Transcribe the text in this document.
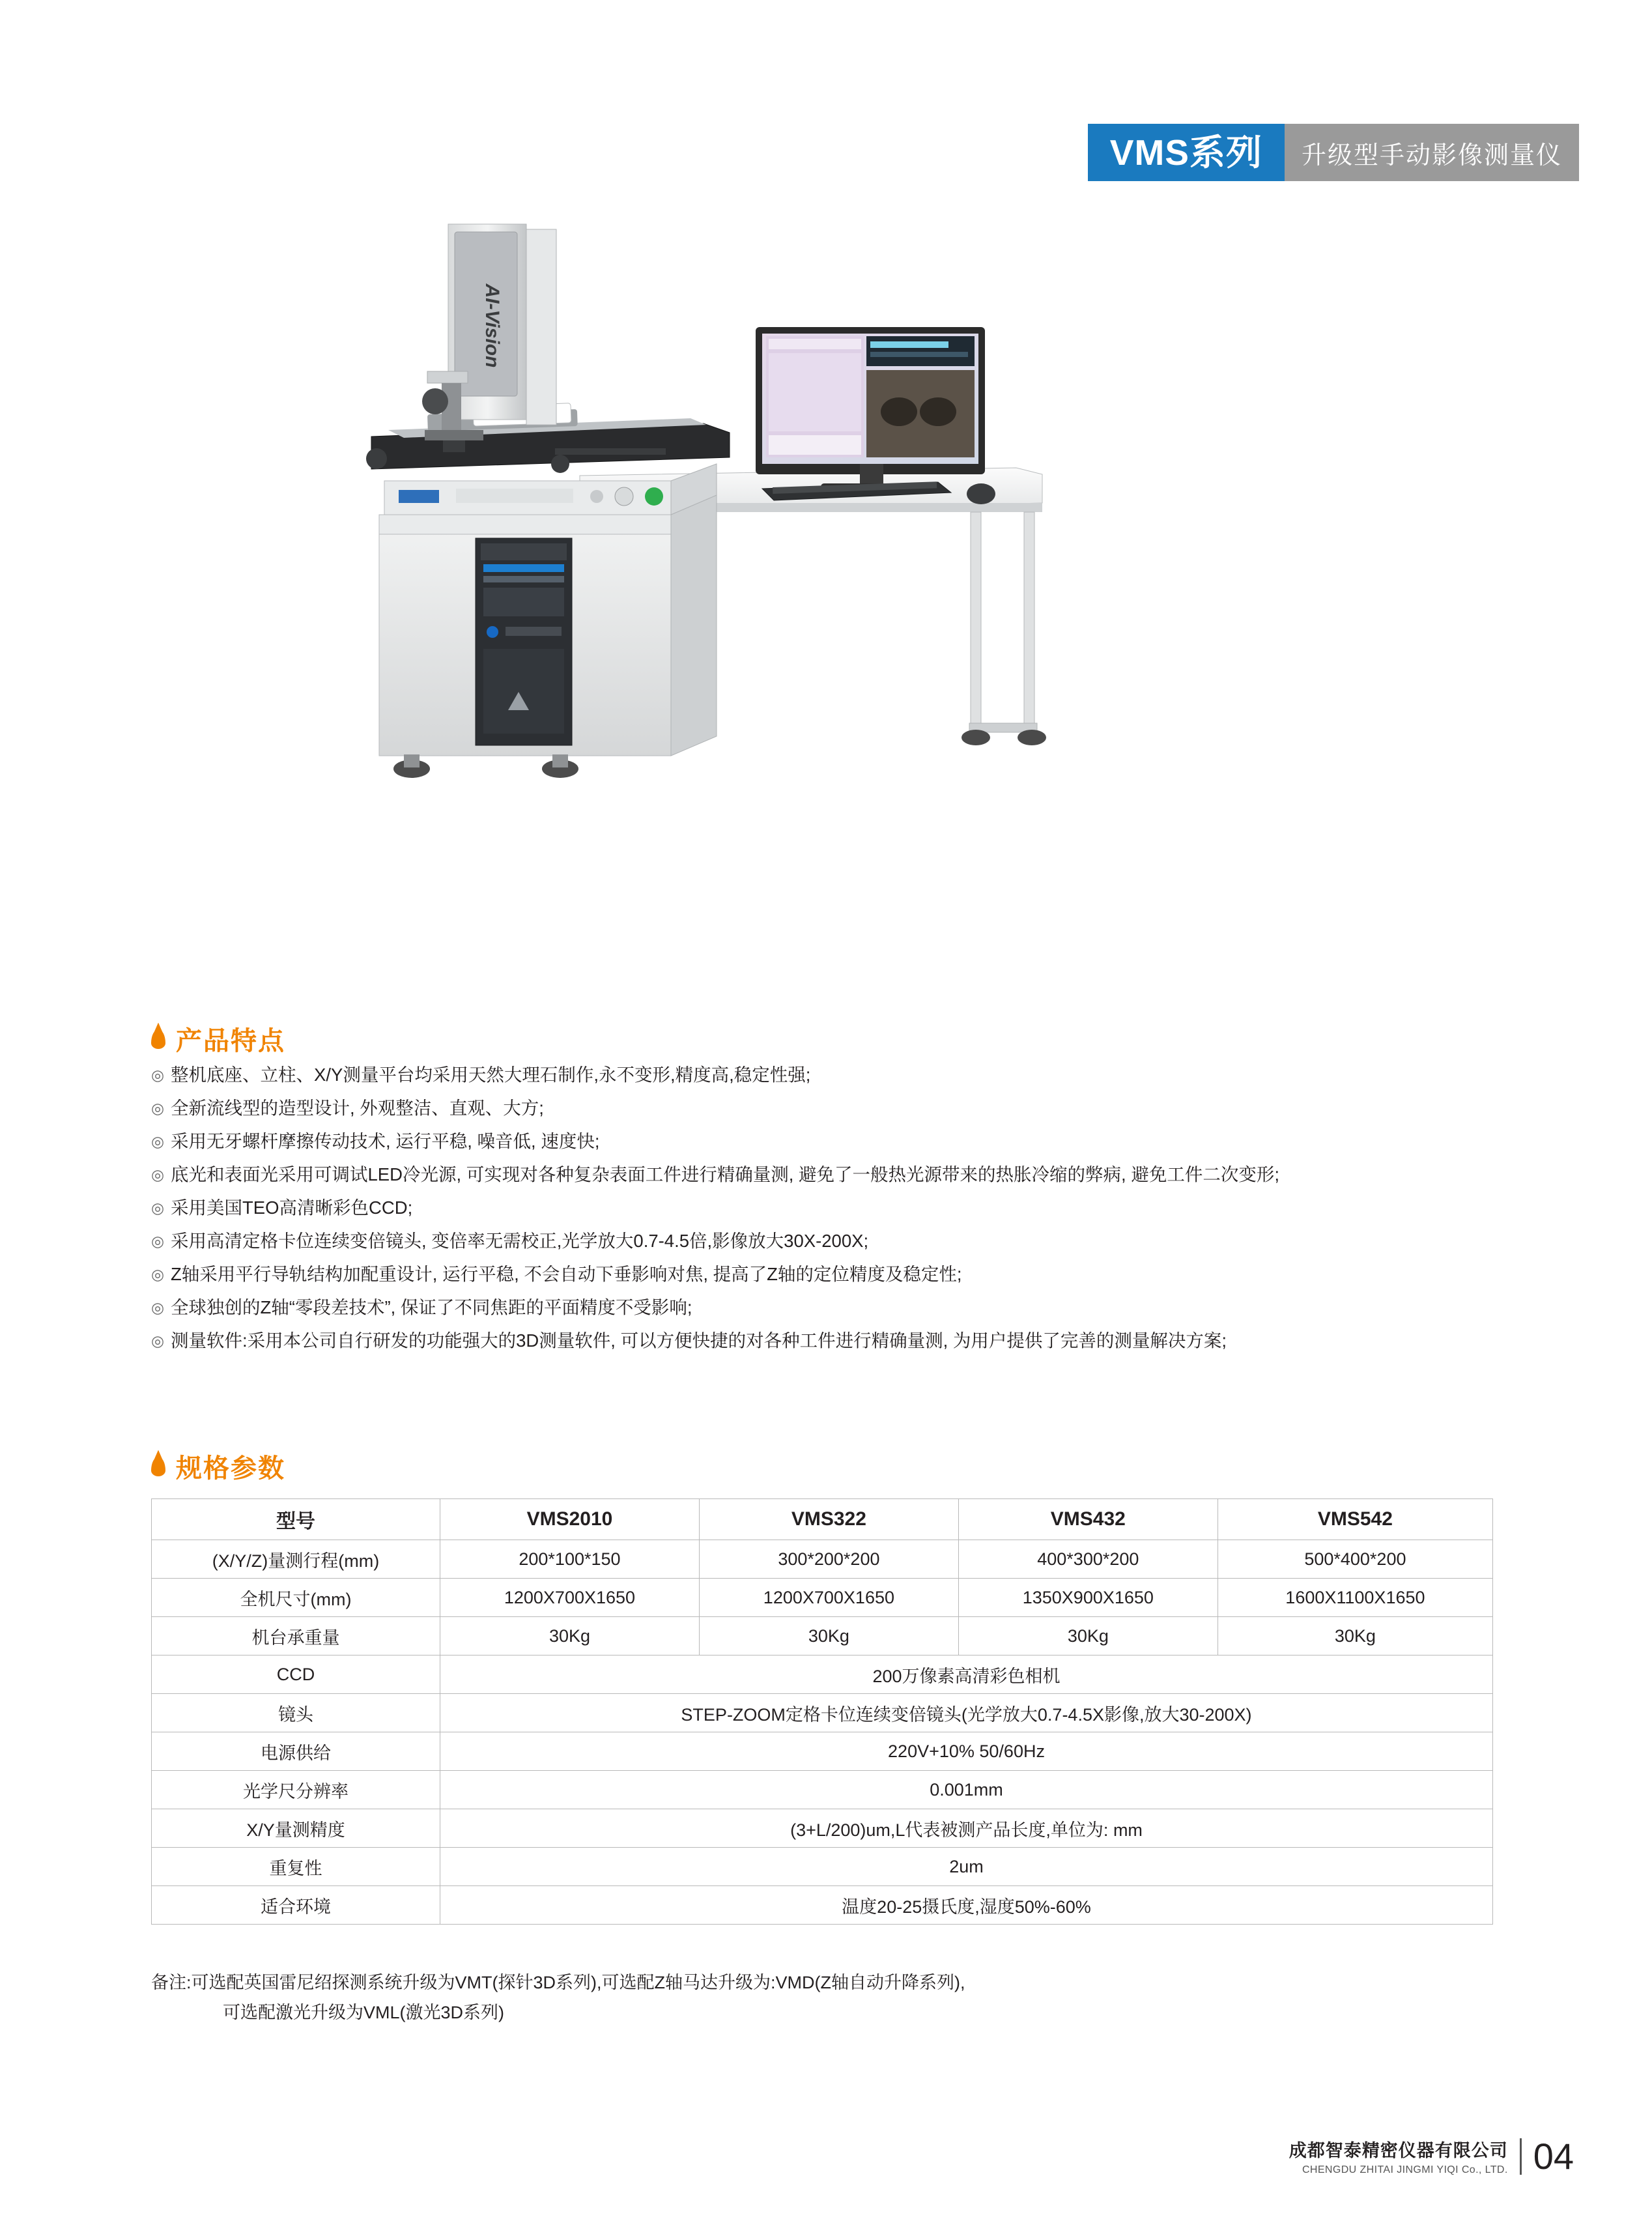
VMS系列	升级型手动影像测量仪
AI-Vision
产品特点
◎ 整机底座、立柱、X/Y测量平台均采用天然大理石制作,永不变形,精度高,稳定性强;
◎ 全新流线型的造型设计, 外观整洁、直观、大方;
◎ 采用无牙螺杆摩擦传动技术, 运行平稳, 噪音低, 速度快;
◎ 底光和表面光采用可调试LED冷光源, 可实现对各种复杂表面工件进行精确量测, 避免了一般热光源带来的热胀冷缩的弊病, 避免工件二次变形;
◎ 采用美国TEO高清晰彩色CCD;
◎ 采用高清定格卡位连续变倍镜头, 变倍率无需校正,光学放大0.7-4.5倍,影像放大30X-200X;
◎ Z轴采用平行导轨结构加配重设计, 运行平稳, 不会自动下垂影响对焦, 提高了Z轴的定位精度及稳定性;
◎ 全球独创的Z轴“零段差技术”, 保证了不同焦距的平面精度不受影响;
◎ 测量软件:采用本公司自行研发的功能强大的3D测量软件, 可以方便快捷的对各种工件进行精确量测, 为用户提供了完善的测量解决方案;
规格参数
型号	VMS2010	VMS322	VMS432	VMS542
(X/Y/Z)量测行程(mm)	200*100*150	300*200*200	400*300*200	500*400*200
全机尺寸(mm)	1200X700X1650	1200X700X1650	1350X900X1650	1600X1100X1650
机台承重量	30Kg	30Kg	30Kg	30Kg
CCD	200万像素高清彩色相机			
镜头	STEP-ZOOM定格卡位连续变倍镜头(光学放大0.7-4.5X影像,放大30-200X)			
电源供给	220V+10% 50/60Hz			
光学尺分辨率	0.001mm			
X/Y量测精度	(3+L/200)um,L代表被测产品长度,单位为: mm			
重复性	2um			
适合环境	温度20-25摄氏度,湿度50%-60%			
备注:可选配英国雷尼绍探测系统升级为VMT(探针3D系列),可选配Z轴马达升级为:VMD(Z轴自动升降系列),
可选配激光升级为VML(激光3D系列)
成都智泰精密仪器有限公司
CHENGDU ZHITAI JINGMI YIQI Co., LTD. 04
